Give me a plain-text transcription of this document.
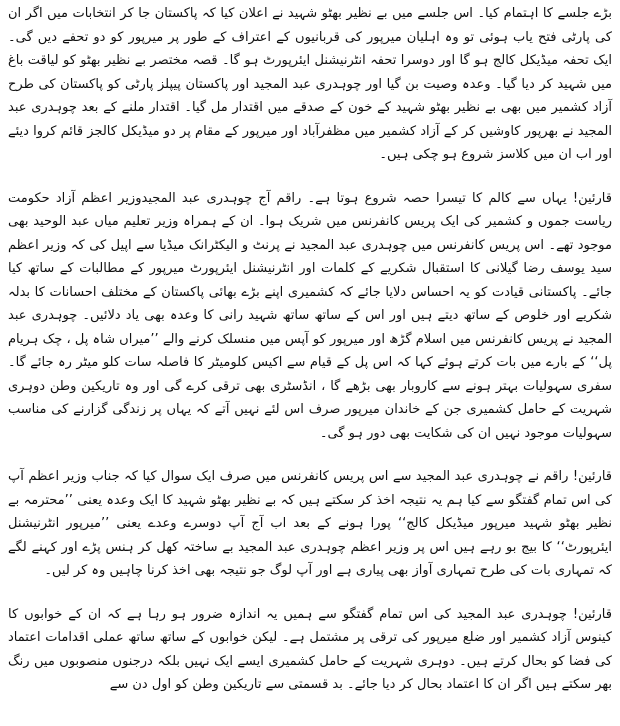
بڑے جلسے کا اہتمام کیا۔ اس جلسے میں بے نظیر بھٹو شہید نے اعلان کیا کہ پاکستان جا کر انتخابات میں اگر ان کی پارٹی فتح یاب ہوئی تو وہ اہلیان میرپور کی قربانیوں کے اعتراف کے طور پر میرپور کو دو تحفے دیں گی۔ ایک تحفہ میڈیکل کالج ہو گا اور دوسرا تحفہ انٹرنیشنل ایئرپورٹ ہو گا۔ قصہ مختصر بے نظیر بھٹو کو لیاقت باغ میں شہید کر دیا گیا۔ وعدہ وصیت بن گیا اور چوہدری عبد المجید اور پاکستان پیپلز پارٹی کو پاکستان کی طرح آزاد کشمیر میں بھی بے نظیر بھٹو شہید کے خون کے صدقے میں اقتدار مل گیا۔ اقتدار ملنے کے بعد چوہدری عبد المجید نے بھرپور کاوشیں کر کے آزاد کشمیر میں مظفرآباد اور میرپور کے مقام پر دو میڈیکل کالجز قائم کروا دیئے اور اب ان میں کلاسز شروع ہو چکی ہیں۔

قارئین! یہاں سے کالم کا تیسرا حصہ شروع ہوتا ہے۔ راقم آج چوہدری عبد المجیدوزیر اعظم آزاد حکومت ریاست جموں و کشمیر کی ایک پریس کانفرنس میں شریک ہوا۔ ان کے ہمراہ وزیر تعلیم میاں عبد الوحید بھی موجود تھے۔ اس پریس کانفرنس میں چوہدری عبد المجید نے پرنٹ و الیکٹرانک میڈیا سے اپیل کی کہ وزیر اعظم سید یوسف رضا گیلانی کا استقبال شکریے کے کلمات اور انٹرنیشنل ایئرپورٹ میرپور کے مطالبات کے ساتھ کیا جائے۔ پاکستانی قیادت کو یہ احساس دلایا جائے کہ کشمیری اپنے بڑے بھائی پاکستان کے مختلف احسانات کا بدلہ شکریے اور خلوص کے ساتھ دیتے ہیں اور اس کے ساتھ ساتھ شہید رانی کا وعدہ بھی یاد دلائیں۔ چوہدری عبد المجید نے پریس کانفرنس میں اسلام گڑھ اور میرپور کو آپس میں منسلک کرنے والے ’’میراں شاہ پل ، چک ہریام پل‘‘ کے بارے میں بات کرتے ہوئے کہا کہ اس پل کے قیام سے اکیس کلومیٹر کا فاصلہ سات کلو میٹر رہ جائے گا۔ سفری سہولیات بہتر ہونے سے کاروبار بھی بڑھے گا ، انڈسٹری بھی ترقی کرے گی اور وہ تاریکین وطن دوہری شہریت کے حامل کشمیری جن کے خاندان میرپور صرف اس لئے نہیں آتے کہ یہاں پر زندگی گزارنے کی مناسب سہولیات موجود نہیں ان کی شکایت بھی دور ہو گی۔

قارئین! راقم نے چوہدری عبد المجید سے اس پریس کانفرنس میں صرف ایک سوال کیا کہ جناب وزیر اعظم آپ کی اس تمام گفتگو سے کیا ہم یہ نتیجہ اخذ کر سکتے ہیں کہ بے نظیر بھٹو شہید کا ایک وعدہ یعنی ’’محترمہ بے نظیر بھٹو شہید میرپور میڈیکل کالج‘‘ پورا ہونے کے بعد اب آج آپ دوسرے وعدے یعنی ’’میرپور انٹرنیشنل ایئرپورٹ‘‘ کا بیج بو رہے ہیں اس پر وزیر اعظم چوہدری عبد المجید بے ساختہ کھل کر ہنس پڑے اور کہنے لگے کہ تمہاری بات کی طرح تمہاری آواز بھی پیاری ہے اور آپ لوگ جو نتیجہ بھی اخذ کرنا چاہیں وہ کر لیں۔

قارئین! چوہدری عبد المجید کی اس تمام گفتگو سے ہمیں یہ اندازہ ضرور ہو رہا ہے کہ ان کے خوابوں کا کینوس آزاد کشمیر اور ضلع میرپور کی ترقی پر مشتمل ہے۔ لیکن خوابوں کے ساتھ ساتھ عملی اقدامات اعتماد کی فضا کو بحال کرتے ہیں۔ دوہری شہریت کے حامل کشمیری ایسے ایک نہیں بلکہ درجنوں منصوبوں میں رنگ بھر سکتے ہیں اگر ان کا اعتماد بحال کر دیا جائے۔ بد قسمتی سے تاریکین وطن کو اول دن سے
